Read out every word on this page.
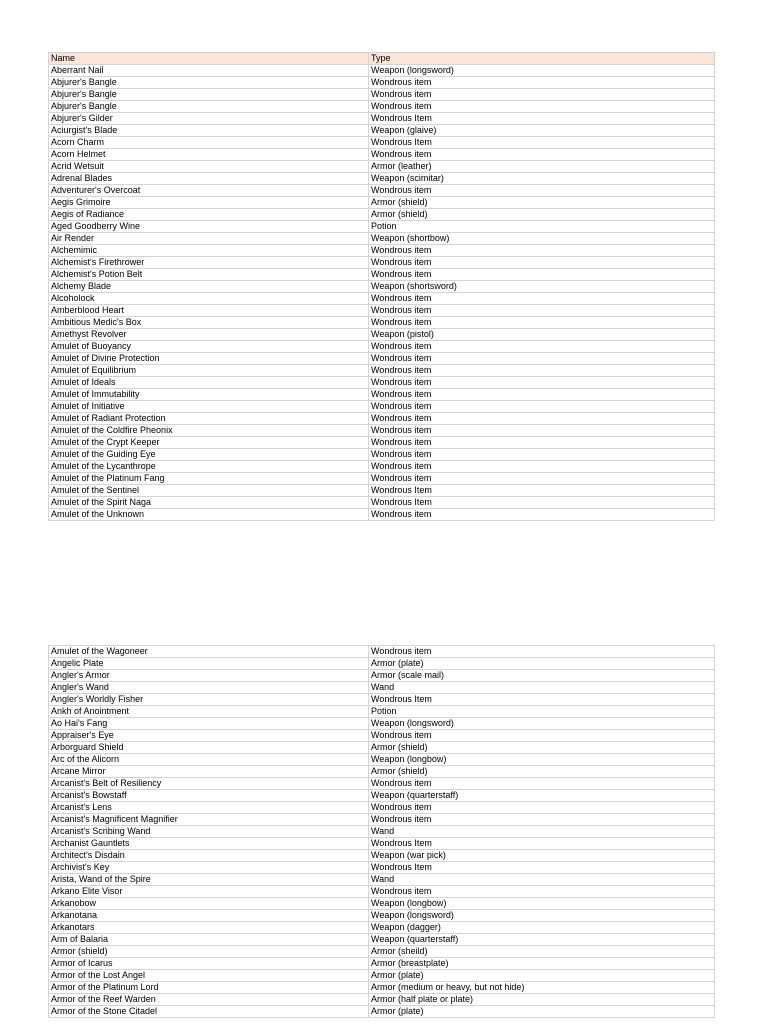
Name	Type
Aberrant Nail	Weapon (longsword)
Abjurer's Bangle	Wondrous item
Abjurer's Bangle	Wondrous item
Abjurer's Bangle	Wondrous item
Abjurer's Gilder	Wondrous Item
Aciurgist's Blade	Weapon (glaive)
Acorn Charm	Wondrous Item
Acorn Helmet	Wondrous item
Acrid Wetsuit	Armor (leather)
Adrenal Blades	Weapon (scimitar)
Adventurer's Overcoat	Wondrous item
Aegis Grimoire	Armor (shield)
Aegis of Radiance	Armor (shield)
Aged Goodberry Wine	Potion
Air Render	Weapon (shortbow)
Alchemimic	Wondrous item
Alchemist's Firethrower	Wondrous item
Alchemist's Potion Belt	Wondrous item
Alchemy Blade	Weapon (shortsword)
Alcoholock	Wondrous item
Amberblood Heart	Wondrous item
Ambitious Medic's Box	Wondrous item
Amethyst Revolver	Weapon (pistol)
Amulet of Buoyancy	Wondrous item
Amulet of Divine Protection	Wondrous item
Amulet of Equilibrium	Wondrous item
Amulet of Ideals	Wondrous item
Amulet of Immutability	Wondrous item
Amulet of Initiative	Wondrous item
Amulet of Radiant Protection	Wondrous item
Amulet of the Coldfire Pheonix	Wondrous item
Amulet of the Crypt Keeper	Wondrous item
Amulet of the Guiding Eye	Wondrous item
Amulet of the Lycanthrope	Wondrous item
Amulet of the Platinum Fang	Wondrous item
Amulet of the Sentinel	Wondrous Item
Amulet of the Spirit Naga	Wondrous Item
Amulet of the Unknown	Wondrous item
Amulet of the Wagoneer	Wondrous item
Angelic Plate	Armor (plate)
Angler's Armor	Armor (scale mail)
Angler's Wand	Wand
Angler's Worldly Fisher	Wondrous Item
Ankh of Anointment	Potion
Ao Hai's Fang	Weapon (longsword)
Appraiser's Eye	Wondrous item
Arborguard Shield	Armor (shield)
Arc of the Alicorn	Weapon (longbow)
Arcane Mirror	Armor (shield)
Arcanist's Belt of Resiliency	Wondrous item
Arcanist's Bowstaff	Weapon (quarterstaff)
Arcanist's Lens	Wondrous item
Arcanist's Magnificent Magnifier	Wondrous item
Arcanist's Scribing Wand	Wand
Archanist Gauntlets	Wondrous Item
Architect's Disdain	Weapon (war pick)
Archivist's Key	Wondrous Item
Arista, Wand of the Spire	Wand
Arkano Elite Visor	Wondrous item
Arkanobow	Weapon (longbow)
Arkanotana	Weapon (longsword)
Arkanotars	Weapon (dagger)
Arm of Balaria	Weapon (quarterstaff)
Armor (shield)	Armor (sheild)
Armor of Icarus	Armor (breastplate)
Armor of the Lost Angel	Armor (plate)
Armor of the Platinum Lord	Armor (medium or heavy, but not hide)
Armor of the Reef Warden	Armor (half plate or plate)
Armor of the Stone Citadel	Armor (plate)
